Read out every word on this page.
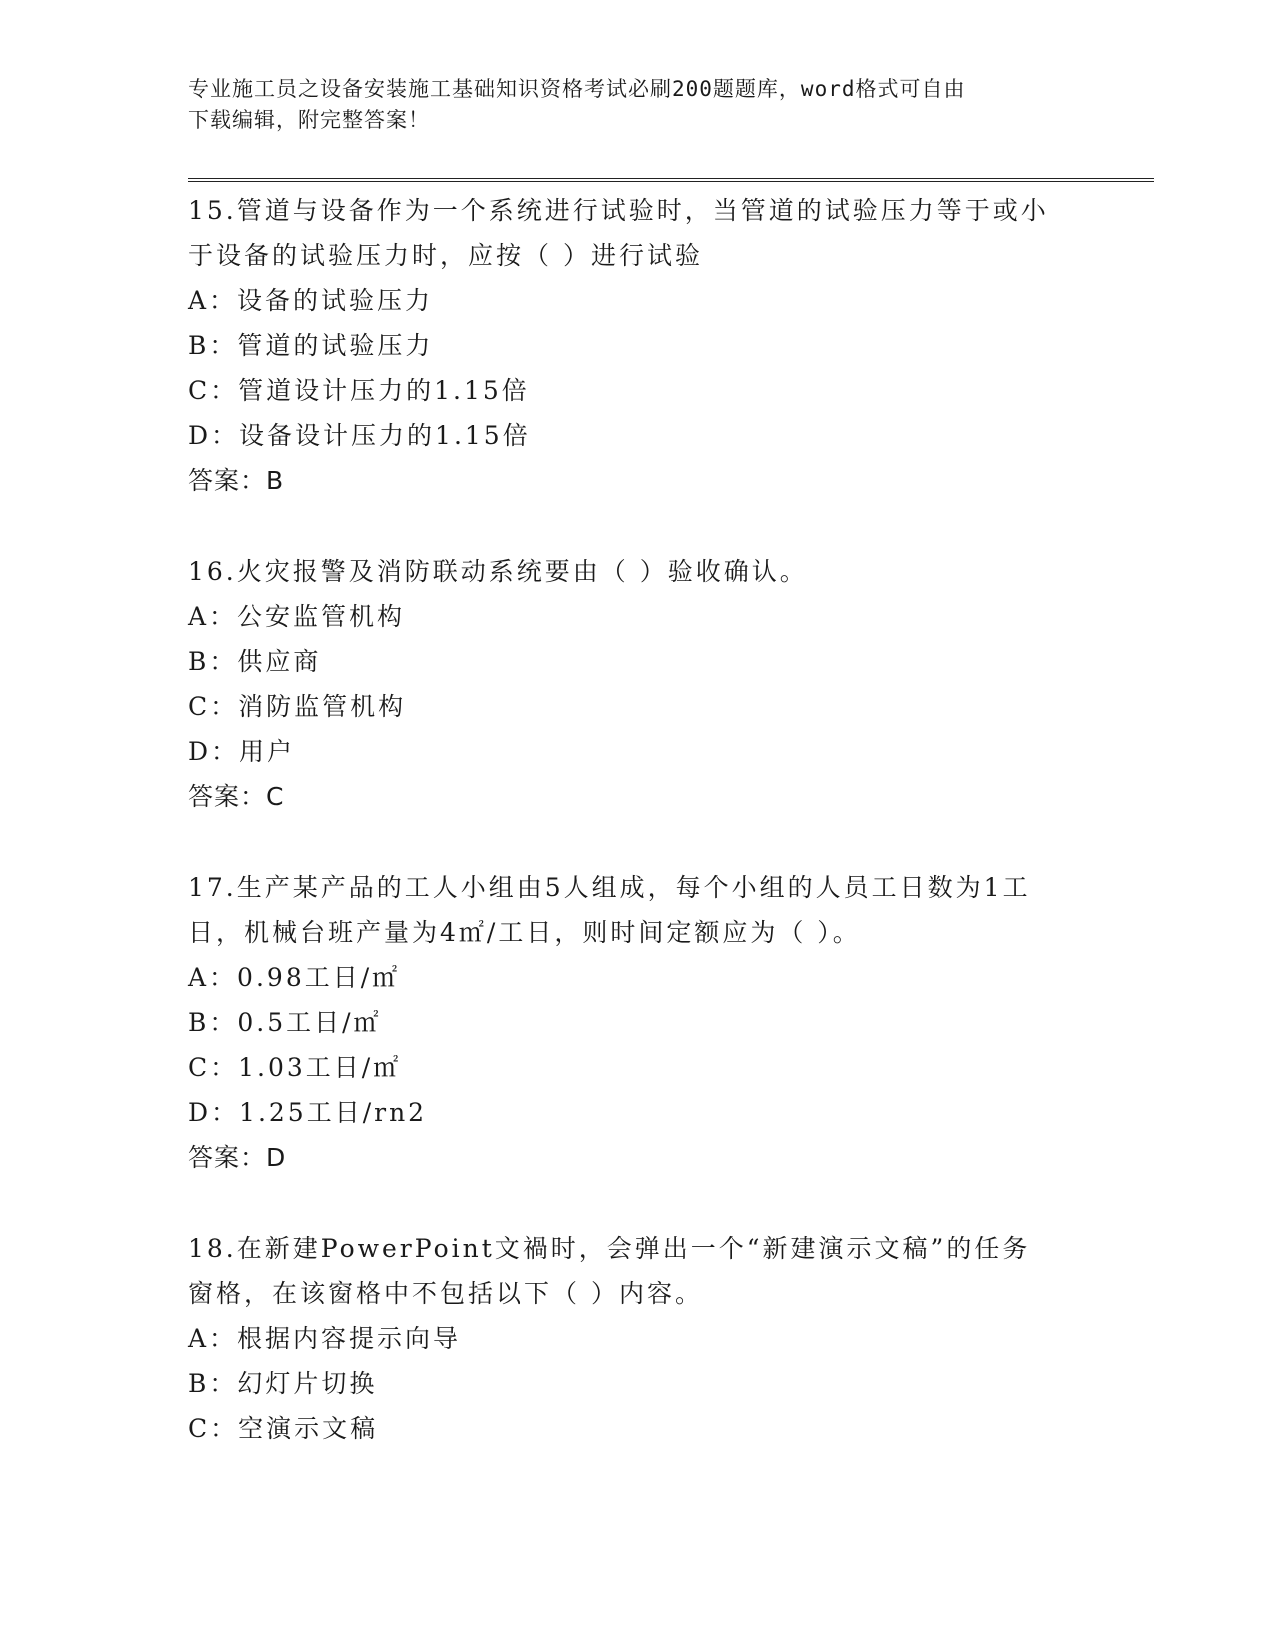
专业施工员之设备安装施工基础知识资格考试必刷200题题库，word格式可自由
下载编辑，附完整答案！
15.管道与设备作为一个系统进行试验时，当管道的试验压力等于或小
于设备的试验压力时，应按（ ）进行试验
A：设备的试验压力
B：管道的试验压力
C：管道设计压力的1.15倍
D：设备设计压力的1.15倍
答案：B
16.火灾报警及消防联动系统要由（ ）验收确认。
A：公安监管机构
B：供应商
C：消防监管机构
D：用户
答案：C
17.生产某产品的工人小组由5人组成，每个小组的人员工日数为1工
日，机械台班产量为4㎡/工日，则时间定额应为（ ）。
A：0.98工日/㎡
B：0.5工日/㎡
C：1.03工日/㎡
D：1.25工日/rn2
答案：D
18.在新建PowerPoint文禍时，会弹出一个“新建演示文稿”的任务
窗格，在该窗格中不包括以下（ ）内容。
A：根据内容提示向导
B：幻灯片切换
C：空演示文稿
